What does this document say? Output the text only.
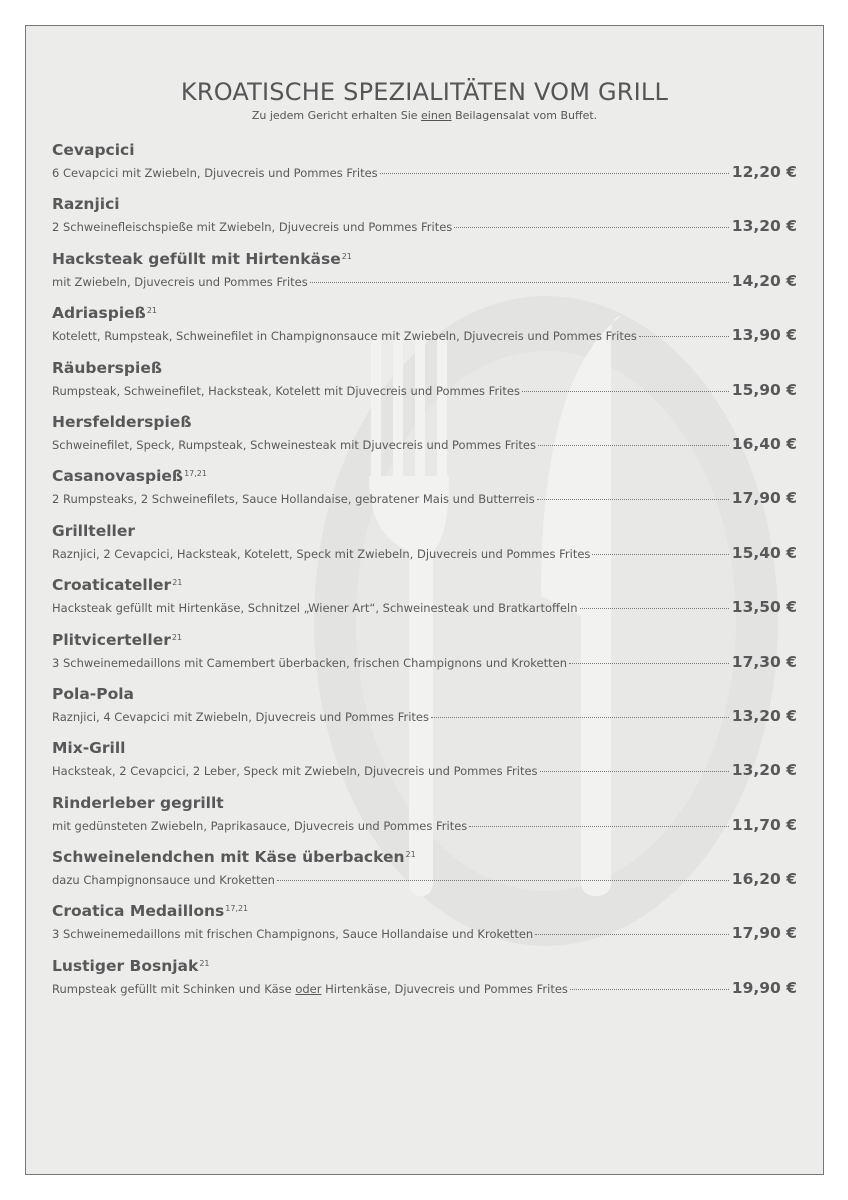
KROATISCHE SPEZIALITÄTEN VOM GRILL
Zu jedem Gericht erhalten Sie einen Beilagensalat vom Buffet.
Cevapcici
6 Cevapcici mit Zwiebeln, Djuvecreis und Pommes Frites	12,20 €
Raznjici
2 Schweinefleischspieße mit Zwiebeln, Djuvecreis und Pommes Frites	13,20 €
Hacksteak gefüllt mit Hirtenkäse$^{21}$
mit Zwiebeln, Djuvecreis und Pommes Frites	14,20 €
Adriaspieß$^{21}$
Kotelett, Rumpsteak, Schweinefilet in Champignonsauce mit Zwiebeln, Djuvecreis und Pommes Frites	13,90 €
Räuberspieß
Rumpsteak, Schweinefilet, Hacksteak, Kotelett mit Djuvecreis und Pommes Frites	15,90 €
Hersfelderspieß
Schweinefilet, Speck, Rumpsteak, Schweinesteak mit Djuvecreis und Pommes Frites	16,40 €
Casanovaspieß$^{17,21}$
2 Rumpsteaks, 2 Schweinefilets, Sauce Hollandaise, gebratener Mais und Butterreis	17,90 €
Grillteller
Raznjici, 2 Cevapcici, Hacksteak, Kotelett, Speck mit Zwiebeln, Djuvecreis und Pommes Frites	15,40 €
Croaticateller$^{21}$
Hacksteak gefüllt mit Hirtenkäse, Schnitzel „Wiener Art“, Schweinesteak und Bratkartoffeln	13,50 €
Plitvicerteller$^{21}$
3 Schweinemedaillons mit Camembert überbacken, frischen Champignons und Kroketten	17,30 €
Pola-Pola
Raznjici, 4 Cevapcici mit Zwiebeln, Djuvecreis und Pommes Frites	13,20 €
Mix-Grill
Hacksteak, 2 Cevapcici, 2 Leber, Speck mit Zwiebeln, Djuvecreis und Pommes Frites	13,20 €
Rinderleber gegrillt
mit gedünsteten Zwiebeln, Paprikasauce, Djuvecreis und Pommes Frites	11,70 €
Schweinelendchen mit Käse überbacken$^{21}$
dazu Champignonsauce und Kroketten	16,20 €
Croatica Medaillons$^{17,21}$
3 Schweinemedaillons mit frischen Champignons, Sauce Hollandaise und Kroketten	17,90 €
Lustiger Bosnjak$^{21}$
Rumpsteak gefüllt mit Schinken und Käse oder Hirtenkäse, Djuvecreis und Pommes Frites	19,90 €
